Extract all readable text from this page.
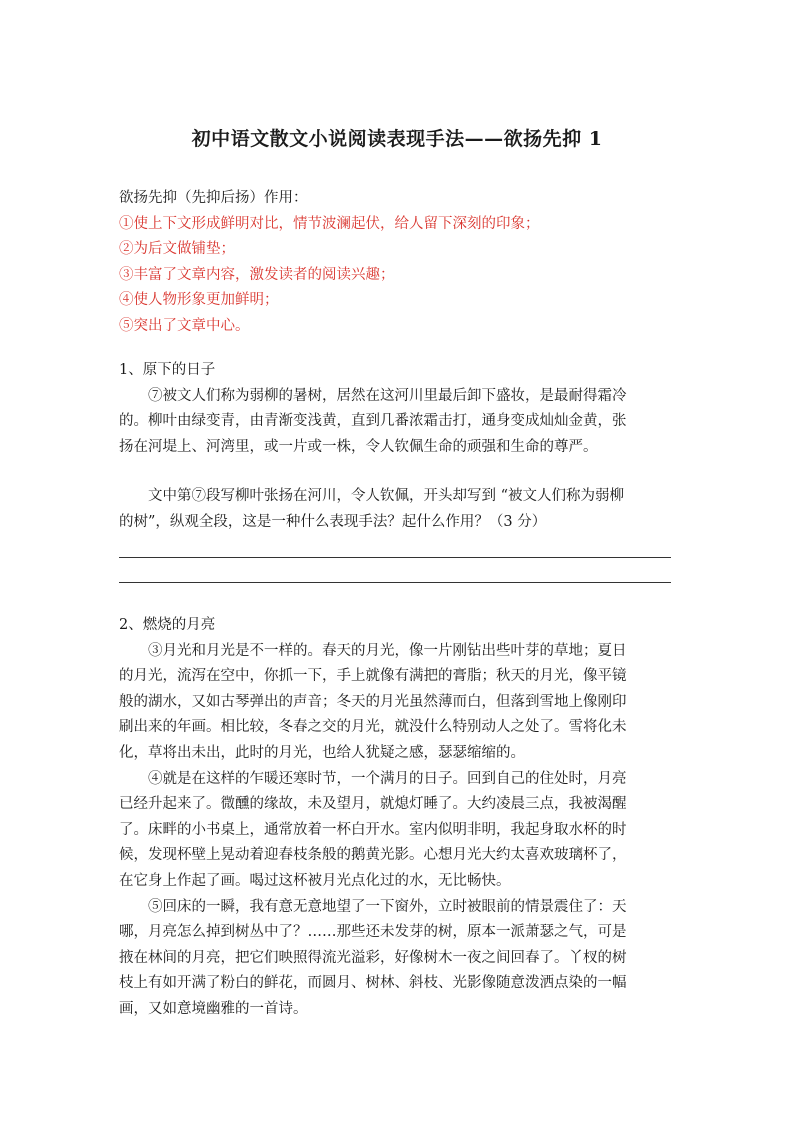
初中语文散文小说阅读表现手法——欲扬先抑 1
欲扬先抑（先抑后扬）作用：
①使上下文形成鲜明对比，情节波澜起伏，给人留下深刻的印象；
②为后文做铺垫；
③丰富了文章内容，激发读者的阅读兴趣；
④使人物形象更加鲜明；
⑤突出了文章中心。
1、原下的日子
⑦被文人们称为弱柳的暑树，居然在这河川里最后卸下盛妆，是最耐得霜冷
的。柳叶由绿变青，由青渐变浅黄，直到几番浓霜击打，通身变成灿灿金黄，张
扬在河堤上、河湾里，或一片或一株，令人钦佩生命的顽强和生命的尊严。
文中第⑦段写柳叶张扬在河川，令人钦佩，开头却写到 “被文人们称为弱柳
的树”，纵观全段，这是一种什么表现手法？起什么作用？（3 分）
2、燃烧的月亮
③月光和月光是不一样的。春天的月光，像一片刚钻出些叶芽的草地；夏日
的月光，流泻在空中，你抓一下，手上就像有满把的膏脂；秋天的月光，像平镜
般的湖水，又如古琴弹出的声音；冬天的月光虽然薄而白，但落到雪地上像刚印
刷出来的年画。相比较，冬春之交的月光，就没什么特别动人之处了。雪将化未
化，草将出未出，此时的月光，也给人犹疑之感，瑟瑟缩缩的。
④就是在这样的乍暖还寒时节，一个满月的日子。回到自己的住处时，月亮
已经升起来了。微醺的缘故，未及望月，就熄灯睡了。大约凌晨三点，我被渴醒
了。床畔的小书桌上，通常放着一杯白开水。室内似明非明，我起身取水杯的时
候，发现杯壁上晃动着迎春枝条般的鹅黄光影。心想月光大约太喜欢玻璃杯了，
在它身上作起了画。喝过这杯被月光点化过的水，无比畅快。
⑤回床的一瞬，我有意无意地望了一下窗外，立时被眼前的情景震住了：天
哪，月亮怎么掉到树丛中了？……那些还未发芽的树，原本一派萧瑟之气，可是
掖在林间的月亮，把它们映照得流光溢彩，好像树木一夜之间回春了。丫杈的树
枝上有如开满了粉白的鲜花，而圆月、树林、斜枝、光影像随意泼洒点染的一幅
画，又如意境幽雅的一首诗。
